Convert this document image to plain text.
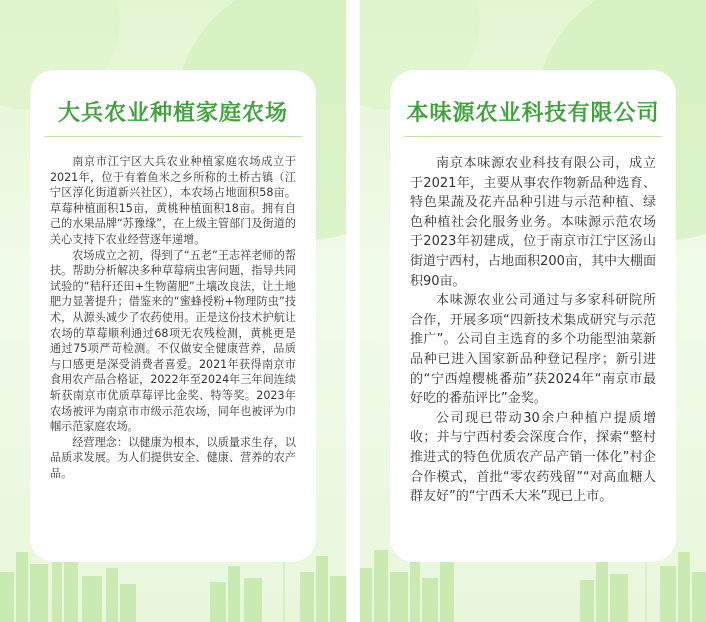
大兵农业种植家庭农场

南京市江宁区大兵农业种植家庭农场成立于2021年，位于有着鱼米之乡所称的土桥古镇（江宁区淳化街道新兴社区），本农场占地面积58亩。草莓种植面积15亩，黄桃种植面积18亩。拥有自己的水果品牌“苏豫缘”，在上级主管部门及街道的关心支持下农业经营逐年递增。

农场成立之初，得到了“五老”王志祥老师的帮扶。帮助分析解决多种草莓病虫害问题，指导共同试验的“秸秆还田+生物菌肥”土壤改良法，让土地肥力显著提升；借鉴来的“蜜蜂授粉+物理防虫”技术，从源头减少了农药使用。正是这份技术护航让农场的草莓顺利通过68项无农残检测，黄桃更是通过75项严苛检测。不仅做安全健康营养，品质与口感更是深受消费者喜爱。2021年获得南京市食用农产品合格证，2022年至2024年三年间连续斩获南京市优质草莓评比金奖、特等奖。2023年农场被评为南京市市级示范农场，同年也被评为巾帼示范家庭农场。

经营理念：以健康为根本，以质量求生存，以品质求发展。为人们提供安全、健康、营养的农产品。

本味源农业科技有限公司

南京本味源农业科技有限公司，成立于2021年，主要从事农作物新品种选育、特色果蔬及花卉品种引进与示范种植、绿色种植社会化服务业务。本味源示范农场于2023年初建成，位于南京市江宁区汤山街道宁西村，占地面积200亩，其中大棚面积90亩。

本味源农业公司通过与多家科研院所合作，开展多项“四新技术集成研究与示范推广”。公司自主选育的多个功能型油菜新品种已进入国家新品种登记程序；新引进的“宁西煌樱桃番茄”获2024年“南京市最好吃的番茄评比”金奖。

公司现已带动30余户种植户提质增收；并与宁西村委会深度合作，探索“整村推进式的特色优质农产品产销一体化”村企合作模式，首批“零农药残留”“对高血糖人群友好”的“宁西禾大米”现已上市。
